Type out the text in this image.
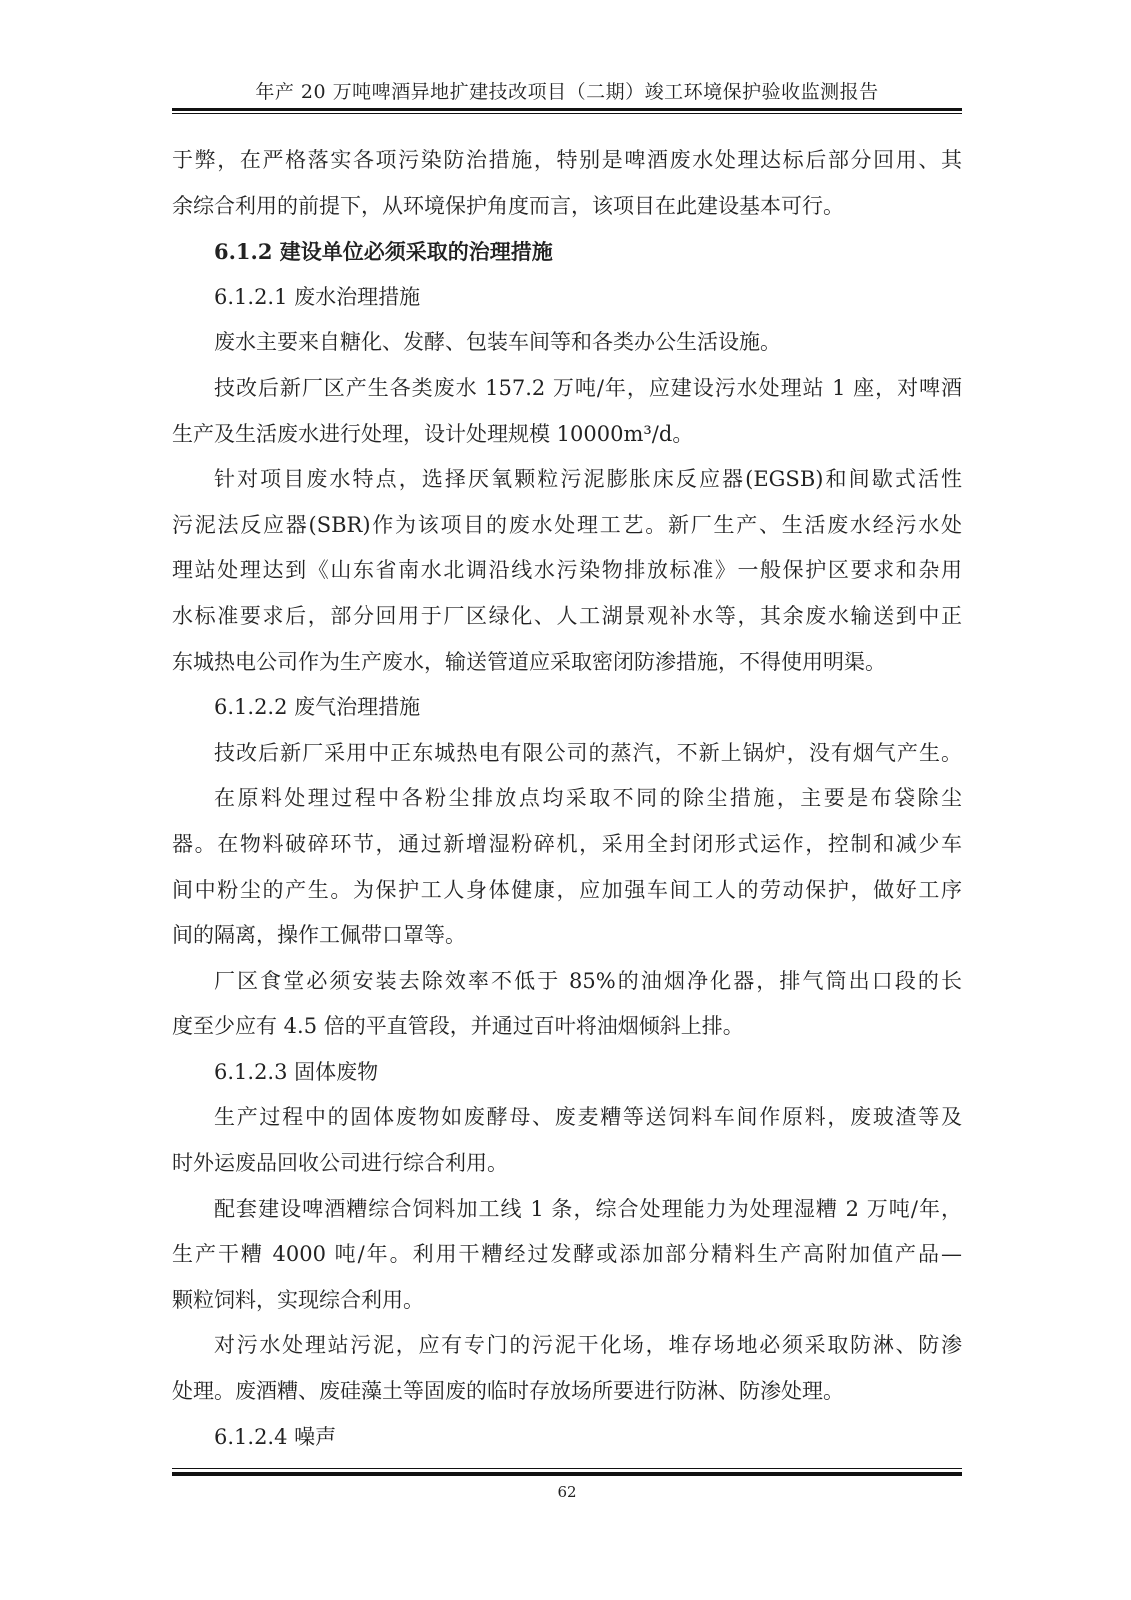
年产 20 万吨啤酒异地扩建技改项目（二期）竣工环境保护验收监测报告
于弊，在严格落实各项污染防治措施，特别是啤酒废水处理达标后部分回用、其
余综合利用的前提下，从环境保护角度而言，该项目在此建设基本可行。
6.1.2 建设单位必须采取的治理措施
6.1.2.1 废水治理措施
废水主要来自糖化、发酵、包装车间等和各类办公生活设施。
技改后新厂区产生各类废水 157.2 万吨/年，应建设污水处理站 1 座，对啤酒
生产及生活废水进行处理，设计处理规模 10000m³/d。
针对项目废水特点，选择厌氧颗粒污泥膨胀床反应器(EGSB)和间歇式活性
污泥法反应器(SBR)作为该项目的废水处理工艺。新厂生产、生活废水经污水处
理站处理达到《山东省南水北调沿线水污染物排放标准》一般保护区要求和杂用
水标准要求后，部分回用于厂区绿化、人工湖景观补水等，其余废水输送到中正
东城热电公司作为生产废水，输送管道应采取密闭防渗措施，不得使用明渠。
6.1.2.2 废气治理措施
技改后新厂采用中正东城热电有限公司的蒸汽，不新上锅炉，没有烟气产生。
在原料处理过程中各粉尘排放点均采取不同的除尘措施，主要是布袋除尘
器。在物料破碎环节，通过新增湿粉碎机，采用全封闭形式运作，控制和减少车
间中粉尘的产生。为保护工人身体健康，应加强车间工人的劳动保护，做好工序
间的隔离，操作工佩带口罩等。
厂区食堂必须安装去除效率不低于 85%的油烟净化器，排气筒出口段的长
度至少应有 4.5 倍的平直管段，并通过百叶将油烟倾斜上排。
6.1.2.3 固体废物
生产过程中的固体废物如废酵母、废麦糟等送饲料车间作原料，废玻渣等及
时外运废品回收公司进行综合利用。
配套建设啤酒糟综合饲料加工线 1 条，综合处理能力为处理湿糟 2 万吨/年，
生产干糟 4000 吨/年。利用干糟经过发酵或添加部分精料生产高附加值产品—
颗粒饲料，实现综合利用。
对污水处理站污泥，应有专门的污泥干化场，堆存场地必须采取防淋、防渗
处理。废酒糟、废硅藻土等固废的临时存放场所要进行防淋、防渗处理。
6.1.2.4 噪声
62
